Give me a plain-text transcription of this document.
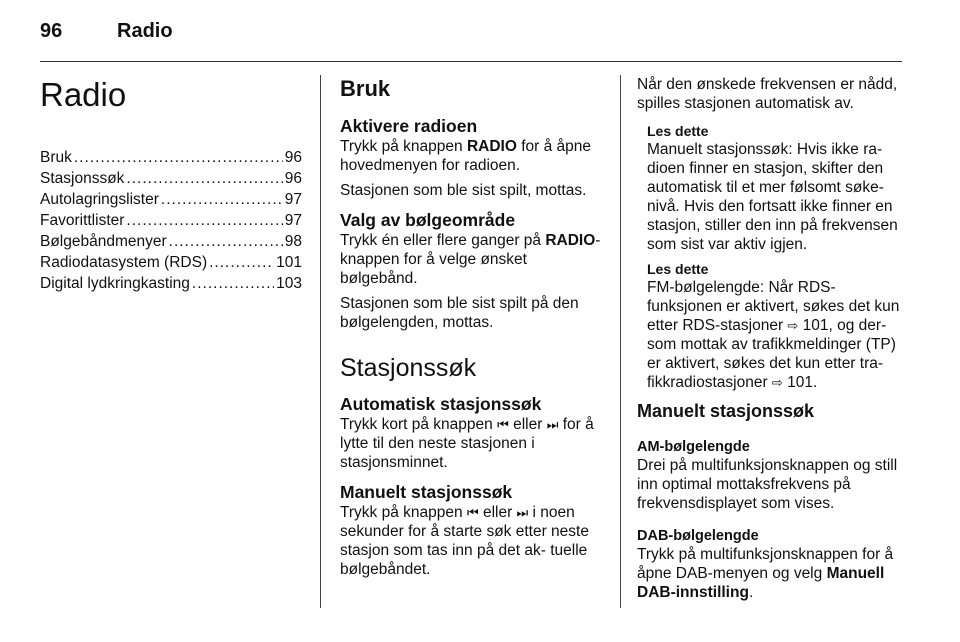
96	Radio
Radio
Bruk .....	96
Stasjonssøk .....	96
Autolagringslister .....	97
Favorittlister .....	97
Bølgebåndmenyer .....	98
Radiodatasystem (RDS) .....	101
Digital lydkringkasting .....	103
Bruk
Aktivere radioen

Trykk på knappen RADIO for å åpne hovedmenyen for radioen.

Stasjonen som ble sist spilt, mottas.

Valg av bølgeområde

Trykk én eller flere ganger på RADIO-knappen for å velge ønsket bølgebånd.

Stasjonen som ble sist spilt på den bølgelengden, mottas.

Stasjonssøk
Automatisk stasjonssøk

Trykk kort på knappen ⏮ eller ⏭ for å lytte til den neste stasjonen i stasjonsminnet.

Manuelt stasjonssøk

Trykk på knappen ⏮ eller ⏭ i noen sekunder for å starte søk etter neste stasjon som tas inn på det ak- tuelle bølgebåndet.

Når den ønskede frekvensen er nådd, spilles stasjonen automatisk av.

Les dette
Manuelt stasjonssøk: Hvis ikke ra- dioen finner en stasjon, skifter den automatisk til et mer følsomt søke- nivå. Hvis den fortsatt ikke finner en stasjon, stiller den inn på frekvensen som sist var aktiv igjen.
Les dette
FM-bølgelengde: Når RDS- funksjonen er aktivert, søkes det kun etter RDS-stasjoner ⇨ 101, og der- som mottak av trafikkmeldinger (TP) er aktivert, søkes det kun etter tra- fikkradiostasjoner ⇨ 101.
Manuelt stasjonssøk
AM-bølgelengde

Drei på multifunksjonsknappen og still inn optimal mottaksfrekvens på frekvensdisplayet som vises.

DAB-bølgelengde

Trykk på multifunksjonsknappen for å åpne DAB-menyen og velg Manuell DAB-innstilling.
